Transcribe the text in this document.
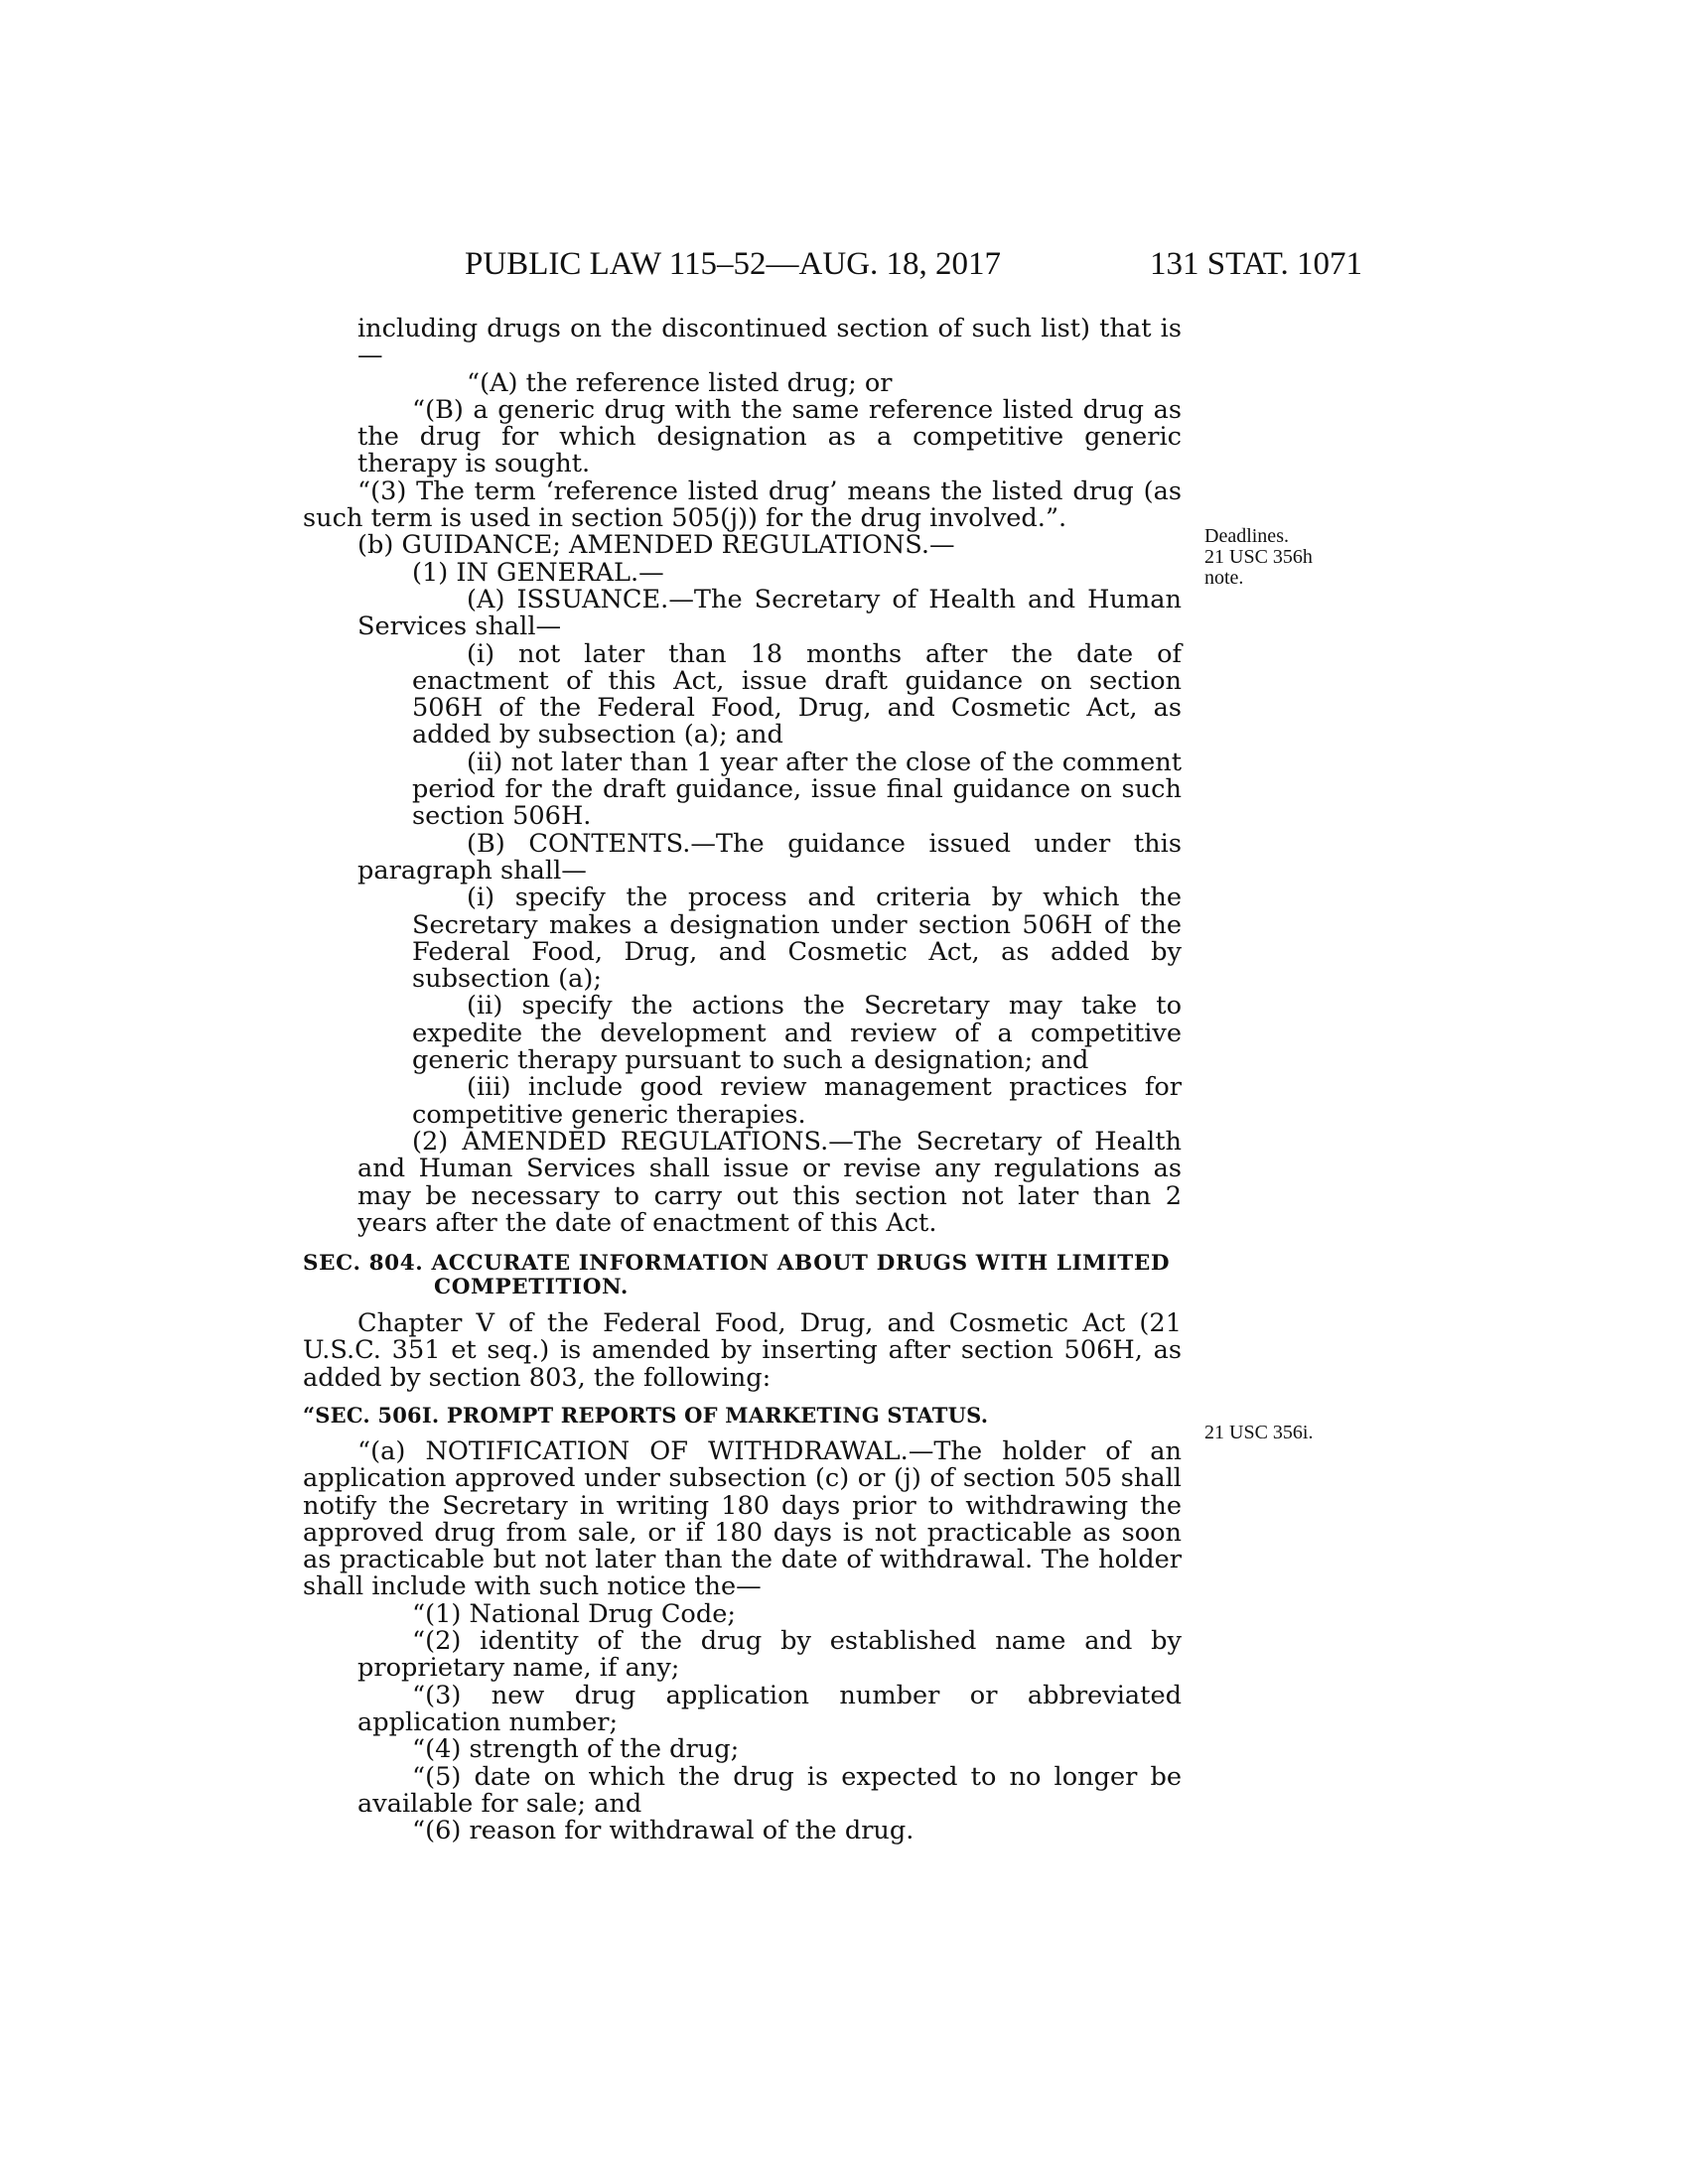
PUBLIC LAW 115–52—AUG. 18, 2017	131 STAT. 1071
Deadlines.
21 USC 356h
note.
21 USC 356i.

including drugs on the discontinued section of such list) that is—

“(A) the reference listed drug; or

“(B) a generic drug with the same reference listed drug as the drug for which designation as a competitive generic therapy is sought.

“(3) The term ‘reference listed drug’ means the listed drug (as such term is used in section 505(j)) for the drug involved.”.

(b) GUIDANCE; AMENDED REGULATIONS.—

(1) IN GENERAL.—

(A) ISSUANCE.—The Secretary of Health and Human Services shall—

(i) not later than 18 months after the date of enactment of this Act, issue draft guidance on section 506H of the Federal Food, Drug, and Cosmetic Act, as added by subsection (a); and

(ii) not later than 1 year after the close of the comment period for the draft guidance, issue final guidance on such section 506H.

(B) CONTENTS.—The guidance issued under this paragraph shall—

(i) specify the process and criteria by which the Secretary makes a designation under section 506H of the Federal Food, Drug, and Cosmetic Act, as added by subsection (a);

(ii) specify the actions the Secretary may take to expedite the development and review of a competitive generic therapy pursuant to such a designation; and

(iii) include good review management practices for competitive generic therapies.

(2) AMENDED REGULATIONS.—The Secretary of Health and Human Services shall issue or revise any regulations as may be necessary to carry out this section not later than 2 years after the date of enactment of this Act.

SEC. 804. ACCURATE INFORMATION ABOUT DRUGS WITH LIMITED COMPETITION.

Chapter V of the Federal Food, Drug, and Cosmetic Act (21 U.S.C. 351 et seq.) is amended by inserting after section 506H, as added by section 803, the following:

“SEC. 506I. PROMPT REPORTS OF MARKETING STATUS.

“(a) NOTIFICATION OF WITHDRAWAL.—The holder of an application approved under subsection (c) or (j) of section 505 shall notify the Secretary in writing 180 days prior to withdrawing the approved drug from sale, or if 180 days is not practicable as soon as practicable but not later than the date of withdrawal. The holder shall include with such notice the—

“(1) National Drug Code;

“(2) identity of the drug by established name and by proprietary name, if any;

“(3) new drug application number or abbreviated application number;

“(4) strength of the drug;

“(5) date on which the drug is expected to no longer be available for sale; and

“(6) reason for withdrawal of the drug.
